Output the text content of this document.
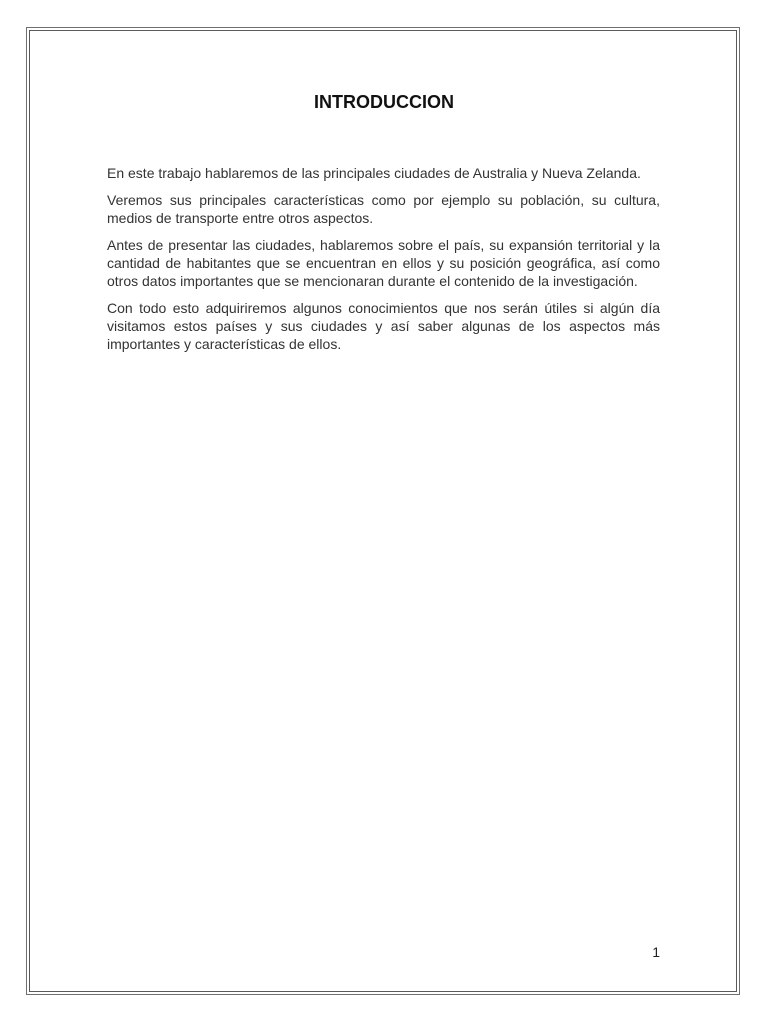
INTRODUCCION

En este trabajo hablaremos de las principales ciudades de Australia y Nueva Zelanda.

Veremos sus principales características como por ejemplo su población, su cultura, medios de transporte entre otros aspectos.

Antes de presentar las ciudades, hablaremos sobre el país, su expansión territorial y la cantidad de habitantes que se encuentran en ellos y su posición geográfica, así como otros datos importantes que se mencionaran durante el contenido de la investigación.

Con todo esto adquiriremos algunos conocimientos que nos serán útiles si algún día visitamos estos países y sus ciudades y así saber algunas de los aspectos más importantes y características de ellos.

1
